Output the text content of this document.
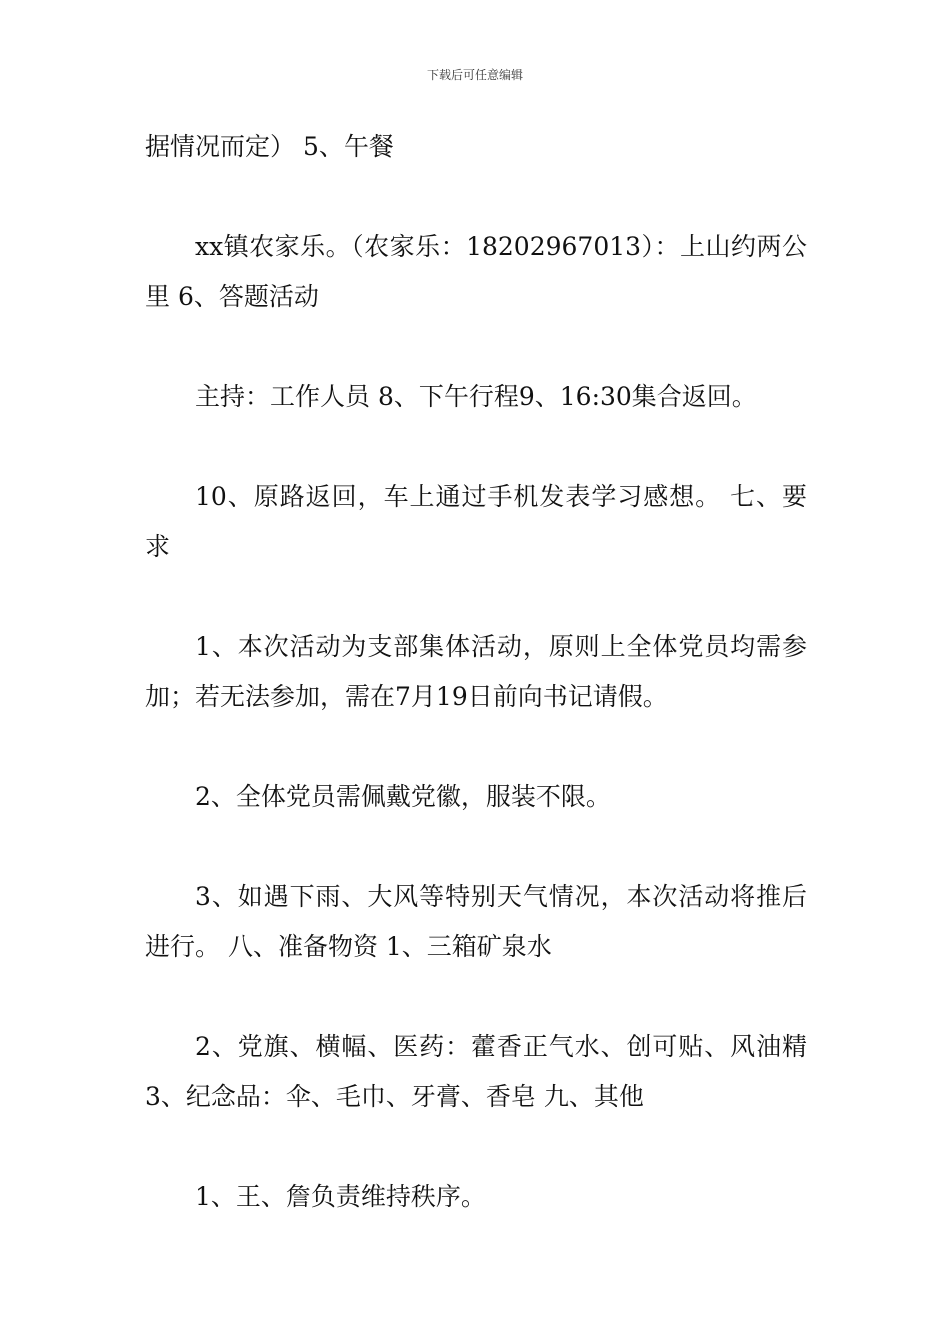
下载后可任意编辑

据情况而定） 5、午餐

xx镇农家乐。（农家乐：18202967013）：上山约两公里 6、答题活动

主持：工作人员 8、下午行程9、16:30集合返回。

10、原路返回，车上通过手机发表学习感想。 七、要求

1、本次活动为支部集体活动，原则上全体党员均需参加；若无法参加，需在7月19日前向书记请假。

2、全体党员需佩戴党徽，服装不限。

3、如遇下雨、大风等特别天气情况，本次活动将推后进行。 八、准备物资 1、三箱矿泉水

2、党旗、横幅、医药：藿香正气水、创可贴、风油精 3、纪念品：伞、毛巾、牙膏、香皂 九、其他

1、王、詹负责维持秩序。
